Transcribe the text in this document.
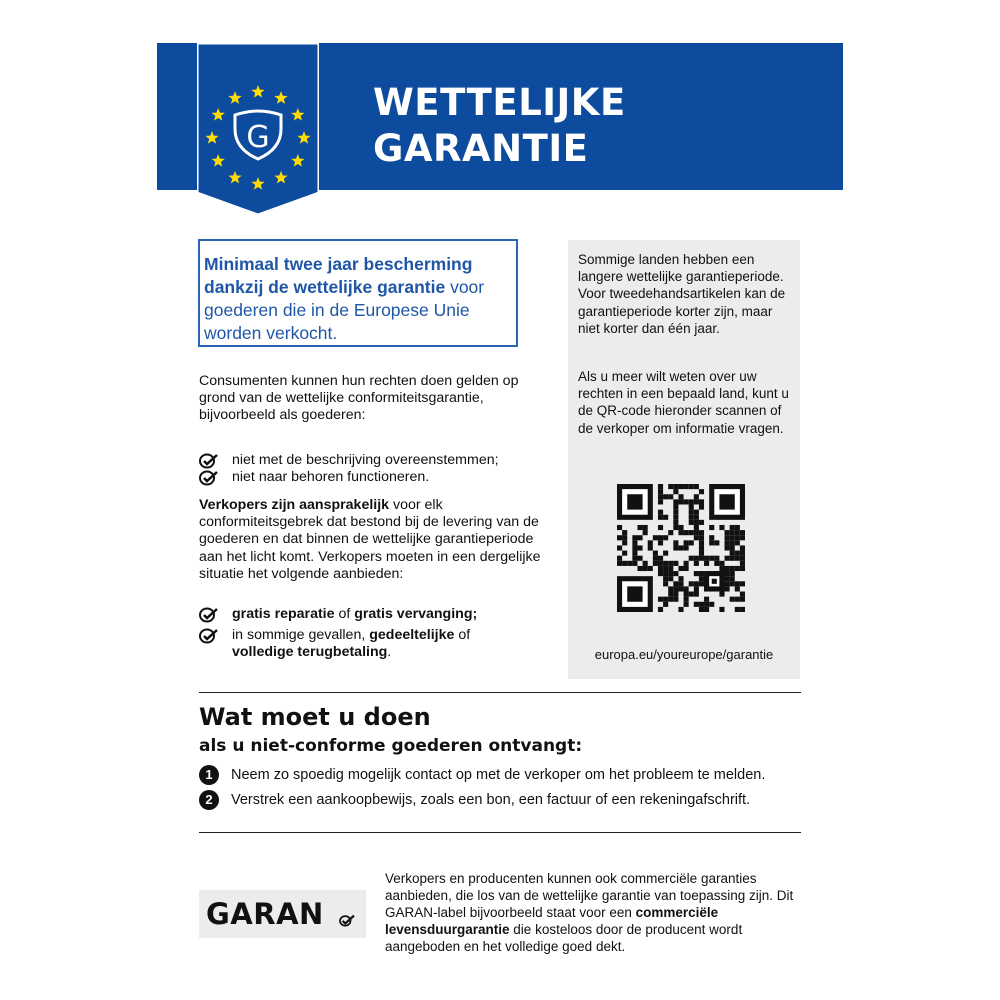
G
WETTELIJKE
GARANTIE
Minimaal twee jaar bescherming dankzij de wettelijke garantie voor goederen die in de Europese Unie worden verkocht.

Consumenten kunnen hun rechten doen gelden op grond van de wettelijke conformiteitsgarantie, bijvoorbeeld als goederen:

niet met de beschrijving overeenstemmen;
niet naar behoren functioneren.

Verkopers zijn aansprakelijk voor elk conformiteitsgebrek dat bestond bij de levering van de goederen en dat binnen de wettelijke garantieperiode aan het licht komt. Verkopers moeten in een dergelijke situatie het volgende aanbieden:

gratis reparatie of gratis vervanging;
in sommige gevallen, gedeeltelijke of
volledige terugbetaling.

Sommige landen hebben een langere wettelijke garantieperiode. Voor tweedehandsartikelen kan de garantieperiode korter zijn, maar niet korter dan één jaar.

Als u meer wilt weten over uw rechten in een bepaald land, kunt u de QR-code hieronder scannen of de verkoper om informatie vragen.

europa.eu/youreurope/garantie
Wat moet u doen
als u niet-conforme goederen ontvangt:
1	Neem zo spoedig mogelijk contact op met de verkoper om het probleem te melden.
2	Verstrek een aankoopbewijs, zoals een bon, een factuur of een rekeningafschrift.
GARAN

Verkopers en producenten kunnen ook commerciële garanties aanbieden, die los van de wettelijke garantie van toepassing zijn. Dit GARAN-label bijvoorbeeld staat voor een commerciële levensduurgarantie die kosteloos door de producent wordt aangeboden en het volledige goed dekt.
